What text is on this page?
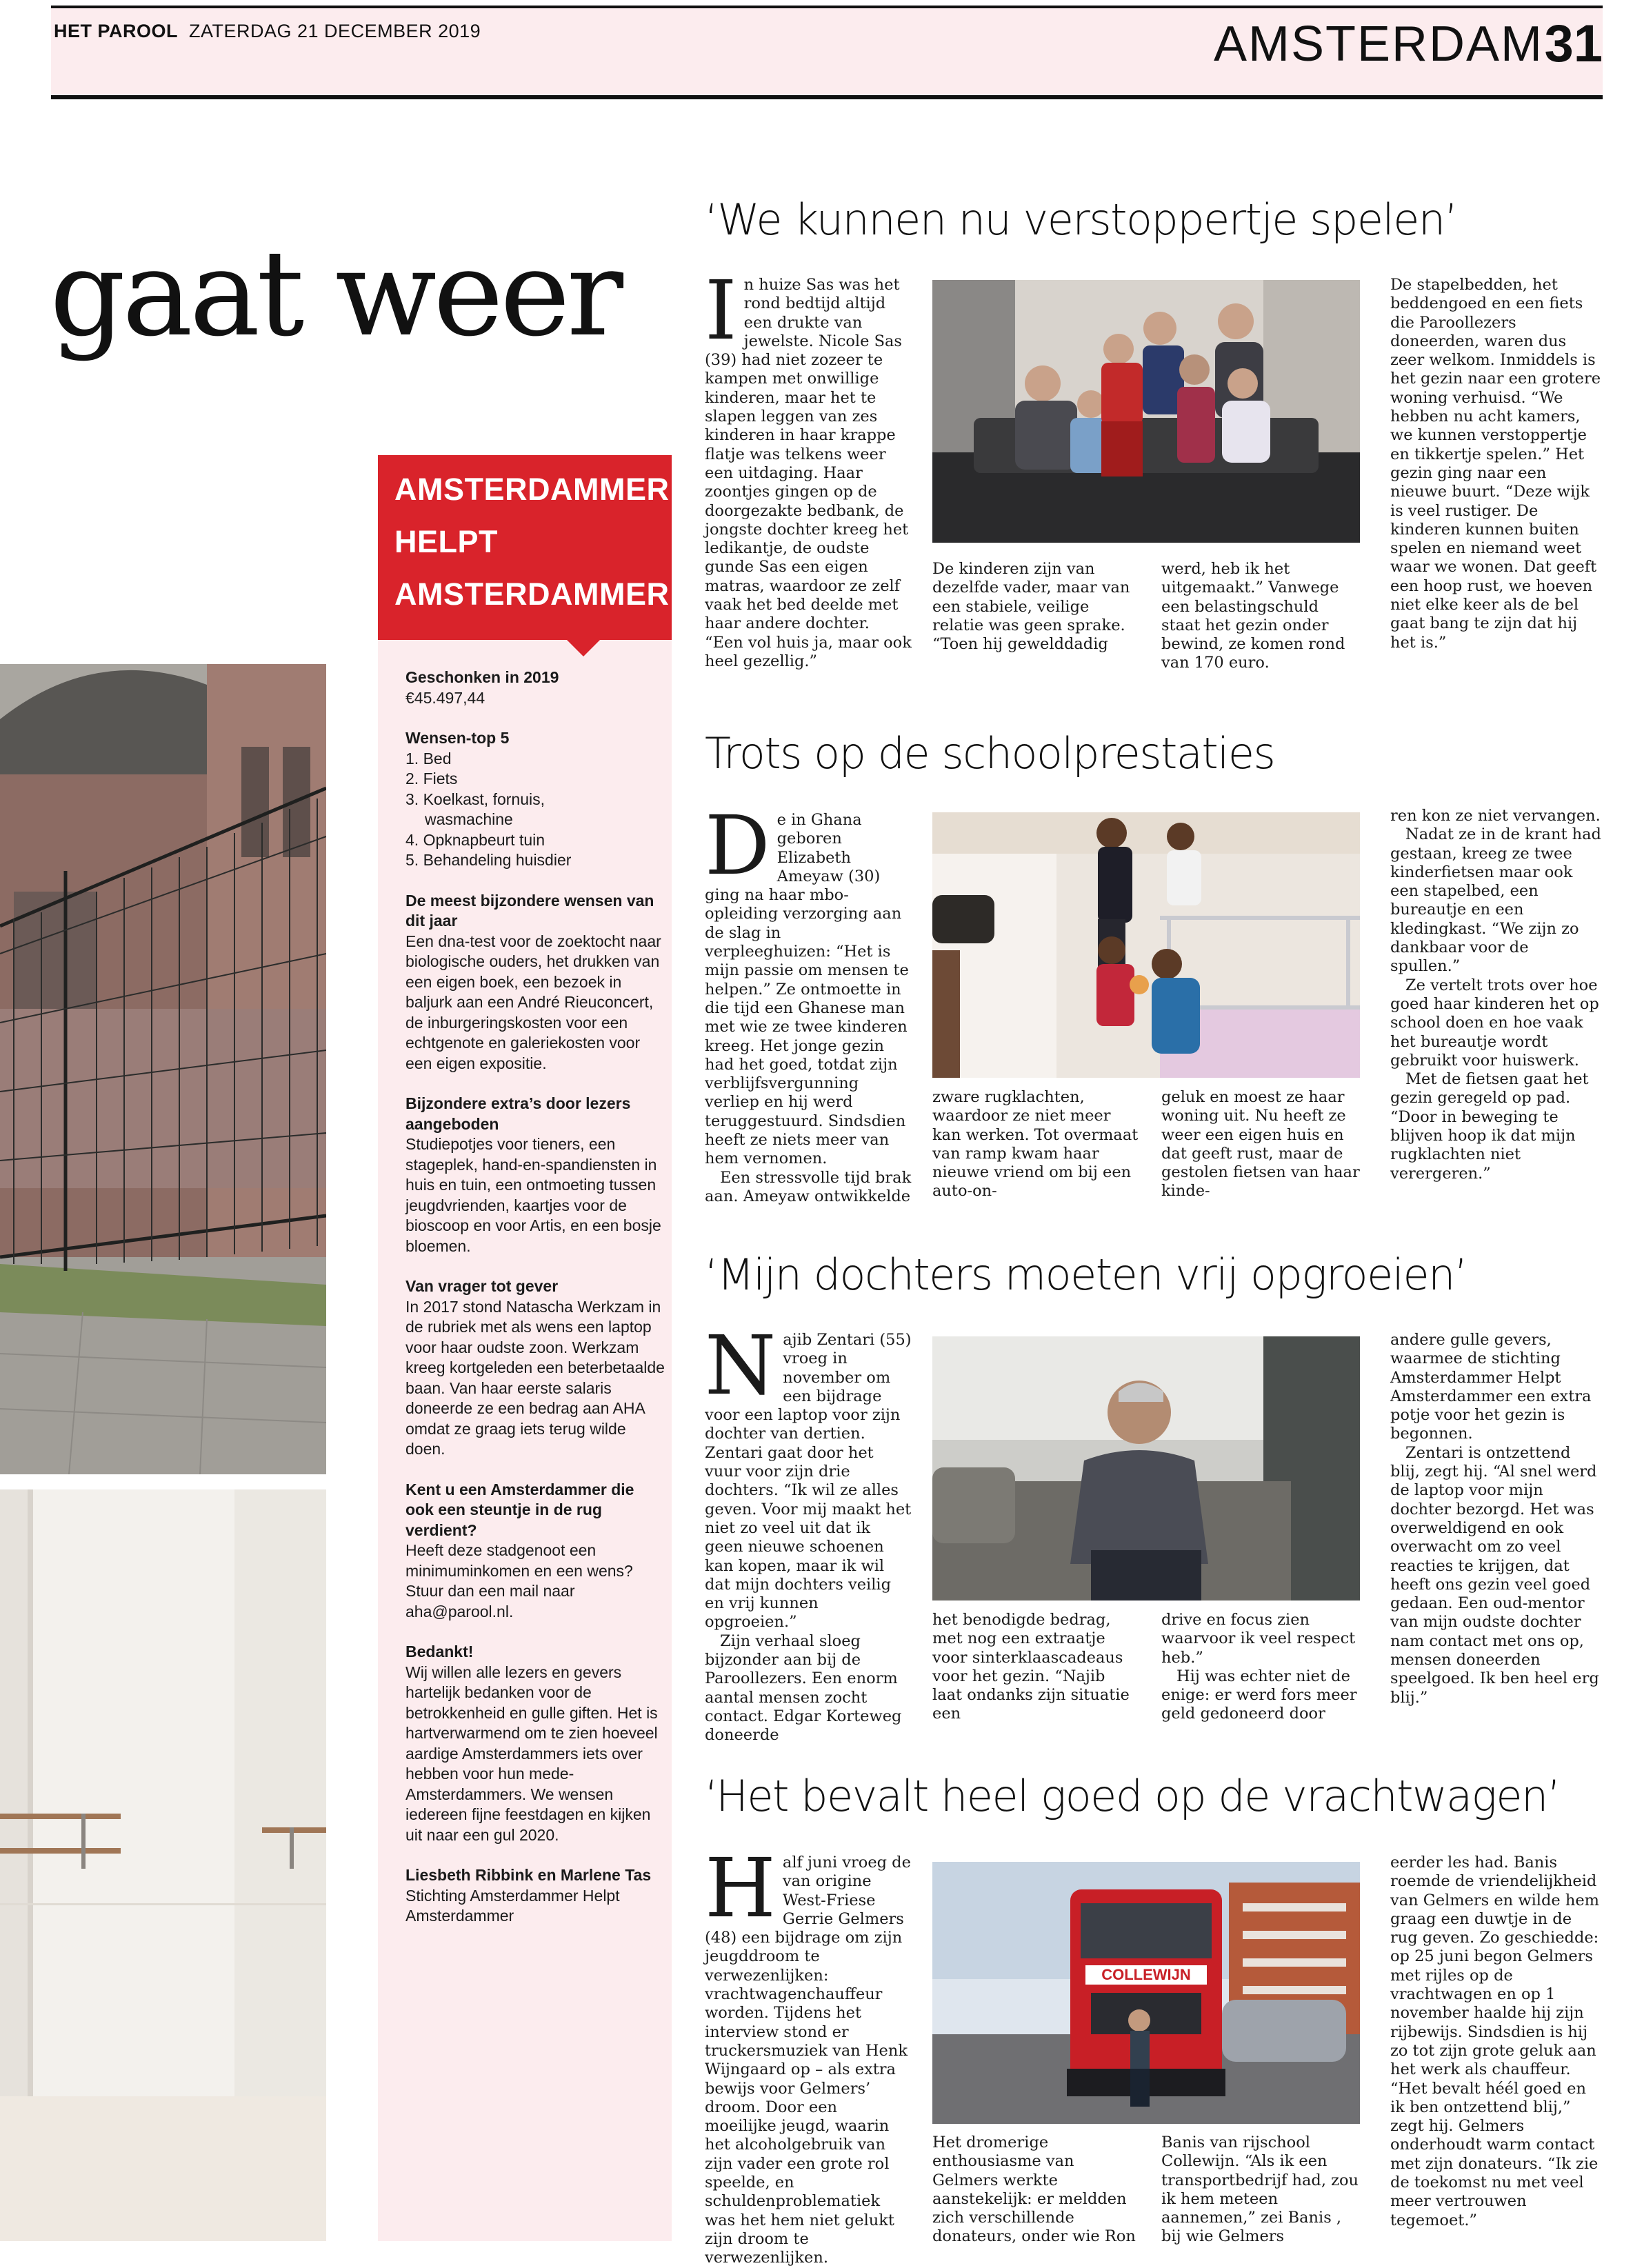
HET PAROOL ZATERDAG 21 DECEMBER 2019	AMSTERDAM 31
gaat weer
AMSTERDAMMER
HELPT
AMSTERDAMMER
Geschonken in 2019

€45.497,44

Wensen-top 5
1. Bed
2. Fiets
3. Koelkast, fornuis,
wasmachine
4. Opknapbeurt tuin
5. Behandeling huisdier
De meest bijzondere wensen van dit jaar

Een dna-test voor de zoektocht naar biologische ouders, het drukken van een eigen boek, een bezoek in baljurk aan een André Rieuconcert, de inburgeringskosten voor een echtgenote en galeriekosten voor een eigen expositie.

Bijzondere extra’s door lezers aangeboden

Studiepotjes voor tieners, een stageplek, hand-en-spandiensten in huis en tuin, een ontmoeting tussen jeugdvrienden, kaartjes voor de bioscoop en voor Artis, en een bosje bloemen.

Van vrager tot gever

In 2017 stond Natascha Werkzam in de rubriek met als wens een laptop voor haar oudste zoon. Werkzam kreeg kortgeleden een beterbetaalde baan. Van haar eerste salaris doneerde ze een bedrag aan AHA omdat ze graag iets terug wilde doen.

Kent u een Amsterdammer die ook een steuntje in de rug verdient?

Heeft deze stadgenoot een minimuminkomen en een wens? Stuur dan een mail naar aha@parool.nl.

Bedankt!

Wij willen alle lezers en gevers hartelijk bedanken voor de betrokkenheid en gulle giften. Het is hartverwarmend om te zien hoeveel aardige Amsterdammers iets over hebben voor hun mede-Amsterdammers. We wensen iedereen fijne feestdagen en kijken uit naar een gul 2020.

Liesbeth Ribbink en Marlene Tas

Stichting Amsterdammer Helpt Amsterdammer

‘We kunnen nu verstoppertje spelen’
In huize Sas was het rond bedtijd altijd een drukte van jewelste. Nicole Sas (39) had niet zozeer te kampen met onwillige kinderen, maar het te slapen leggen van zes kinderen in haar krappe flatje was telkens weer een uitdaging. Haar zoontjes gingen op de doorgezakte bedbank, de jongste dochter kreeg het ledikantje, de oudste gunde Sas een eigen matras, waardoor ze zelf vaak het bed deelde met haar andere dochter. “Een vol huis ja, maar ook heel gezellig.”

De kinderen zijn van dezelfde vader, maar van een stabiele, veilige relatie was geen sprake. “Toen hij gewelddadig

werd, heb ik het uitgemaakt.” Vanwege een belastingschuld staat het gezin onder bewind, ze komen rond van 170 euro.

De stapelbedden, het beddengoed en een fiets die Paroollezers doneerden, waren dus zeer welkom. Inmiddels is het gezin naar een grotere woning verhuisd. “We hebben nu acht kamers, we kunnen verstoppertje en tikkertje spelen.” Het gezin ging naar een nieuwe buurt. “Deze wijk is veel rustiger. De kinderen kunnen buiten spelen en niemand weet waar we wonen. Dat geeft een hoop rust, we hoeven niet elke keer als de bel gaat bang te zijn dat hij het is.”

Trots op de schoolprestaties
De in Ghana geboren Elizabeth Ameyaw (30) ging na haar mbo-opleiding verzorging aan de slag in verpleeghuizen: “Het is mijn passie om mensen te helpen.” Ze ontmoette in die tijd een Ghanese man met wie ze twee kinderen kreeg. Het jonge gezin had het goed, totdat zijn verblijfsvergunning verliep en hij werd teruggestuurd. Sindsdien heeft ze niets meer van hem vernomen.

Een stressvolle tijd brak aan. Ameyaw ontwikkelde

zware rugklachten, waardoor ze niet meer kan werken. Tot overmaat van ramp kwam haar nieuwe vriend om bij een auto-on-

geluk en moest ze haar woning uit. Nu heeft ze weer een eigen huis en dat geeft rust, maar de gestolen fietsen van haar kinde-

ren kon ze niet vervangen.

Nadat ze in de krant had gestaan, kreeg ze twee kinderfietsen maar ook een stapelbed, een bureautje en een kledingkast. “We zijn zo dankbaar voor de spullen.”

Ze vertelt trots over hoe goed haar kinderen het op school doen en hoe vaak het bureautje wordt gebruikt voor huiswerk.

Met de fietsen gaat het gezin geregeld op pad. “Door in beweging te blijven hoop ik dat mijn rugklachten niet verergeren.”

‘Mijn dochters moeten vrij opgroeien’
Najib Zentari (55) vroeg in november om een bijdrage voor een laptop voor zijn dochter van dertien. Zentari gaat door het vuur voor zijn drie dochters. “Ik wil ze alles geven. Voor mij maakt het niet zo veel uit dat ik geen nieuwe schoenen kan kopen, maar ik wil dat mijn dochters veilig en vrij kunnen opgroeien.”

Zijn verhaal sloeg bijzonder aan bij de Paroollezers. Een enorm aantal mensen zocht contact. Edgar Korteweg doneerde

het benodigde bedrag, met nog een extraatje voor sinterklaascadeaus voor het gezin. “Najib laat ondanks zijn situatie een

drive en focus zien waarvoor ik veel respect heb.”

Hij was echter niet de enige: er werd fors meer geld gedoneerd door

andere gulle gevers, waarmee de stichting Amsterdammer Helpt Amsterdammer een extra potje voor het gezin is begonnen.

Zentari is ontzettend blij, zegt hij. “Al snel werd de laptop voor mijn dochter bezorgd. Het was overweldigend en ook overwacht om zo veel reacties te krijgen, dat heeft ons gezin veel goed gedaan. Een oud-mentor van mijn oudste dochter nam contact met ons op, mensen doneerden speelgoed. Ik ben heel erg blij.”

‘Het bevalt heel goed op de vrachtwagen’
Half juni vroeg de van origine West-Friese Gerrie Gelmers (48) een bijdrage om zijn jeugddroom te verwezenlijken: vrachtwagenchauffeur worden. Tijdens het interview stond er truckersmuziek van Henk Wijngaard op – als extra bewijs voor Gelmers’ droom. Door een moeilijke jeugd, waarin het alcoholgebruik van zijn vader een grote rol speelde, en schuldenproblematiek was het hem niet gelukt zijn droom te verwezenlijken.
COLLEWIJN

Het dromerige enthousiasme van Gelmers werkte aanstekelijk: er meldden zich verschillende donateurs, onder wie Ron

Banis van rijschool Collewijn. “Als ik een transportbedrijf had, zou ik hem meteen aannemen,” zei Banis , bij wie Gelmers

eerder les had. Banis roemde de vriendelijkheid van Gelmers en wilde hem graag een duwtje in de rug geven. Zo geschiedde: op 25 juni begon Gelmers met rijles op de vrachtwagen en op 1 november haalde hij zijn rijbewijs. Sindsdien is hij zo tot zijn grote geluk aan het werk als chauffeur. “Het bevalt héél goed en ik ben ontzettend blij,” zegt hij. Gelmers onderhoudt warm contact met zijn donateurs. “Ik zie de toekomst nu met veel meer vertrouwen tegemoet.”
